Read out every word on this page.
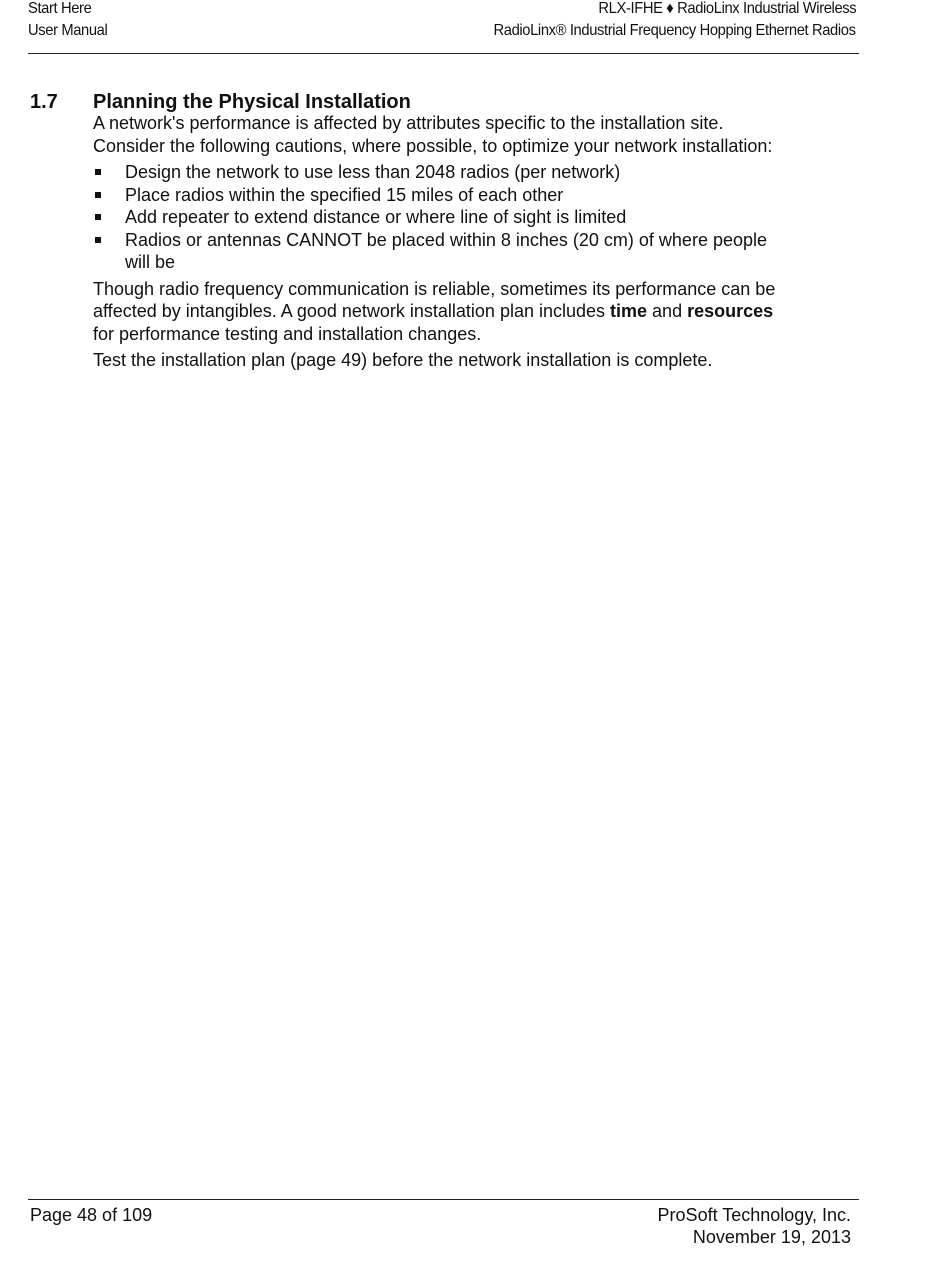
Start Here
User Manual
RLX-IFHE ♦ RadioLinx Industrial Wireless
RadioLinx® Industrial Frequency Hopping Ethernet Radios
1.7 Planning the Physical Installation

A network's performance is affected by attributes specific to the installation site. Consider the following cautions, where possible, to optimize your network installation:

Design the network to use less than 2048 radios (per network)
Place radios within the specified 15 miles of each other
Add repeater to extend distance or where line of sight is limited
Radios or antennas CANNOT be placed within 8 inches (20 cm) of where people will be

Though radio frequency communication is reliable, sometimes its performance can be affected by intangibles. A good network installation plan includes time and resources for performance testing and installation changes.

Test the installation plan (page 49) before the network installation is complete.

Page 48 of 109	ProSoft Technology, Inc.
November 19, 2013
